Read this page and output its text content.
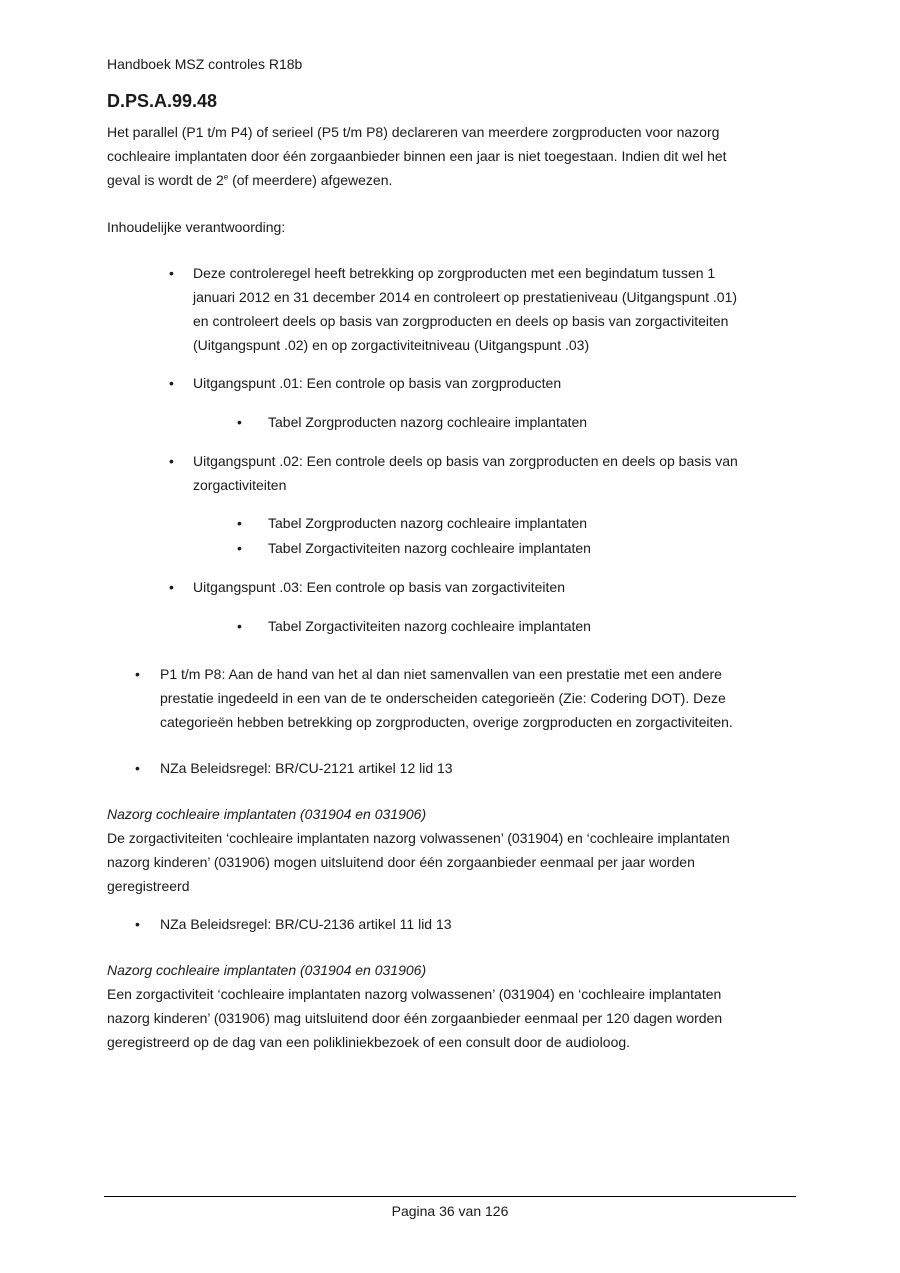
Handboek MSZ controles R18b
D.PS.A.99.48
Het parallel (P1 t/m P4) of serieel (P5 t/m P8) declareren van meerdere zorgproducten voor nazorg
cochleaire implantaten door één zorgaanbieder binnen een jaar is niet toegestaan. Indien dit wel het
geval is wordt de 2e (of meerdere) afgewezen.
Inhoudelijke verantwoording:
• Deze controleregel heeft betrekking op zorgproducten met een begindatum tussen 1
januari 2012 en 31 december 2014 en controleert op prestatieniveau (Uitgangspunt .01)
en controleert deels op basis van zorgproducten en deels op basis van zorgactiviteiten
(Uitgangspunt .02) en op zorgactiviteitniveau (Uitgangspunt .03)
• Uitgangspunt .01: Een controle op basis van zorgproducten
• Tabel Zorgproducten nazorg cochleaire implantaten
• Uitgangspunt .02: Een controle deels op basis van zorgproducten en deels op basis van
zorgactiviteiten
• Tabel Zorgproducten nazorg cochleaire implantaten
• Tabel Zorgactiviteiten nazorg cochleaire implantaten
• Uitgangspunt .03: Een controle op basis van zorgactiviteiten
• Tabel Zorgactiviteiten nazorg cochleaire implantaten
• P1 t/m P8: Aan de hand van het al dan niet samenvallen van een prestatie met een andere
prestatie ingedeeld in een van de te onderscheiden categorieën (Zie: Codering DOT). Deze
categorieën hebben betrekking op zorgproducten, overige zorgproducten en zorgactiviteiten.
• NZa Beleidsregel: BR/CU-2121 artikel 12 lid 13
Nazorg cochleaire implantaten (031904 en 031906)
De zorgactiviteiten ‘cochleaire implantaten nazorg volwassenen’ (031904) en ‘cochleaire implantaten
nazorg kinderen’ (031906) mogen uitsluitend door één zorgaanbieder eenmaal per jaar worden
geregistreerd
• NZa Beleidsregel: BR/CU-2136 artikel 11 lid 13
Nazorg cochleaire implantaten (031904 en 031906)
Een zorgactiviteit ‘cochleaire implantaten nazorg volwassenen’ (031904) en ‘cochleaire implantaten
nazorg kinderen’ (031906) mag uitsluitend door één zorgaanbieder eenmaal per 120 dagen worden
geregistreerd op de dag van een polikliniekbezoek of een consult door de audioloog.
Pagina 36 van 126
